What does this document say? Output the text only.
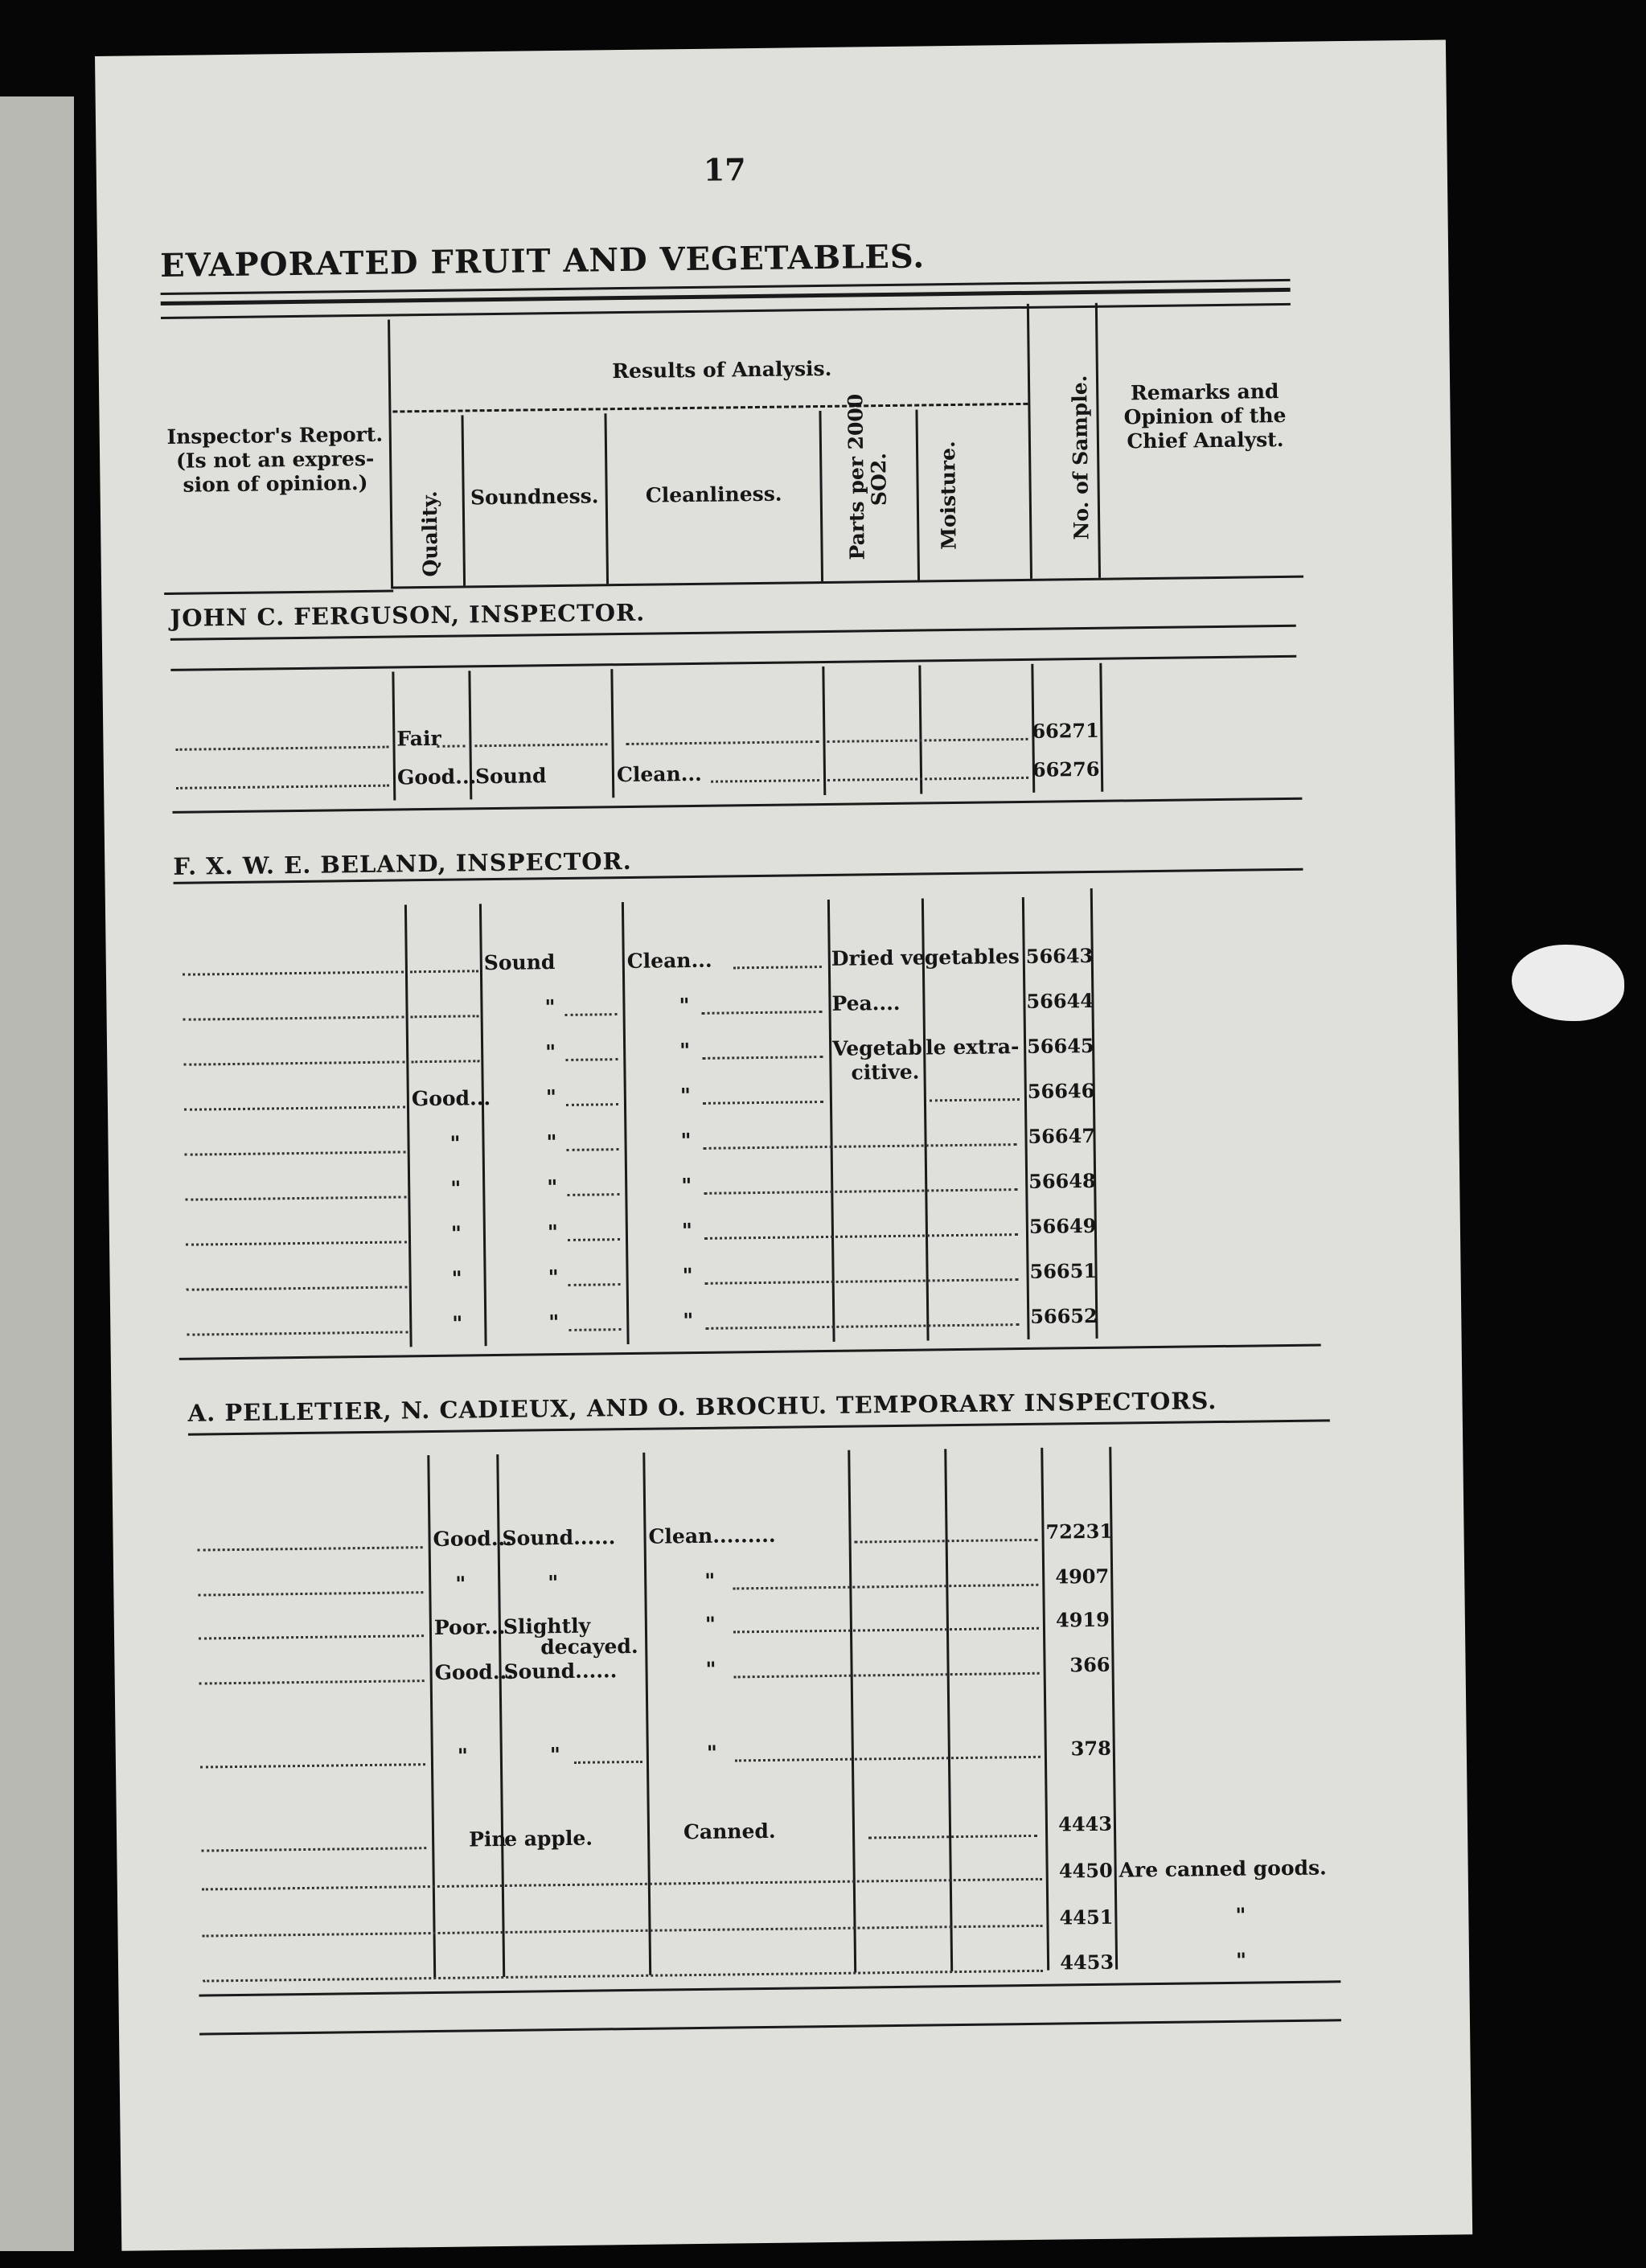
17
EVAPORATED FRUIT AND VEGETABLES.
Inspector's Report.
(Is not an expres-
sion of opinion.)
Results of Analysis.
Quality. Soundness.	Cleanliness.	Parts per 2000
SO2. Moisture.	No. of Sample.	Remarks and
Opinion of the
Chief Analyst.
JOHN C. FERGUSON, INSPECTOR.
Fair	66271
Good...
Sound	Clean...	66276
F. X. W. E. BELAND, INSPECTOR.
Sound	Clean...	Dried ve
getables 56643
"	"	Pea....	56644
"	"	Vegetab le extra- 56645
Good...	"	"
citive.
56646
"	"	"	56647
"	"	"	56648
"	"	"	56649
"	"	"	56651
"	"	"	56652
A. PELLETIER, N. CADIEUX, AND O. BROCHU. TEMPORARY INSPECTORS.
Good...
Sound...... Clean.........	72231
"	"	"	4907
Poor...
Slightly
decayed.
"	4919
Good...
Sound......	"	366
"	"	"	378
Pin
e apple.	Canned.	4443
4450 Are canned goods.
4451	"
4453	"
